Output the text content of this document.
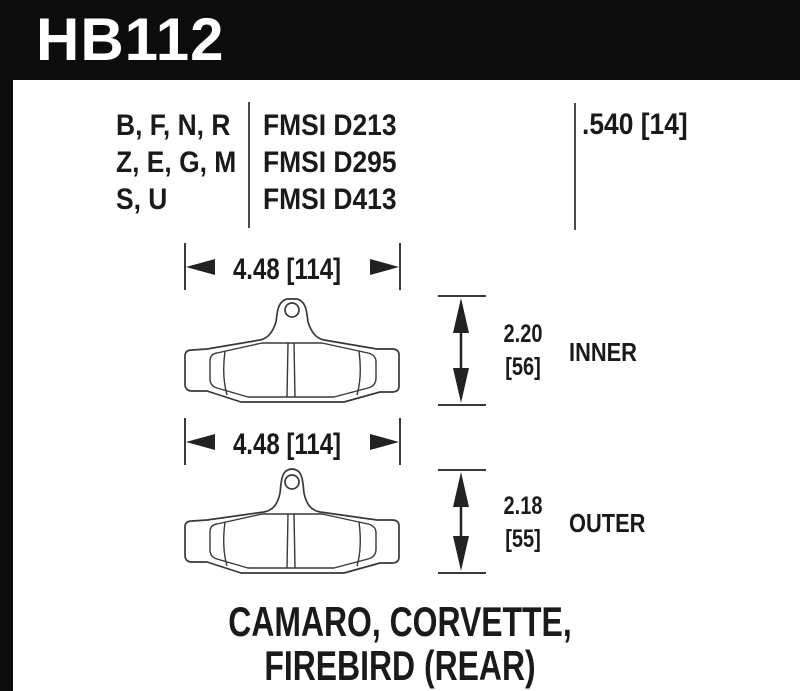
HB112
B, F, N, R
Z, E, G, M
S, U
FMSI D213
FMSI D295
FMSI D413
.540 [14]
4.48 [114]
2.20
[56]	INNER
4.48 [114]
2.18
[55]
OUTER
CAMARO, CORVETTE,
FIREBIRD (REAR)
